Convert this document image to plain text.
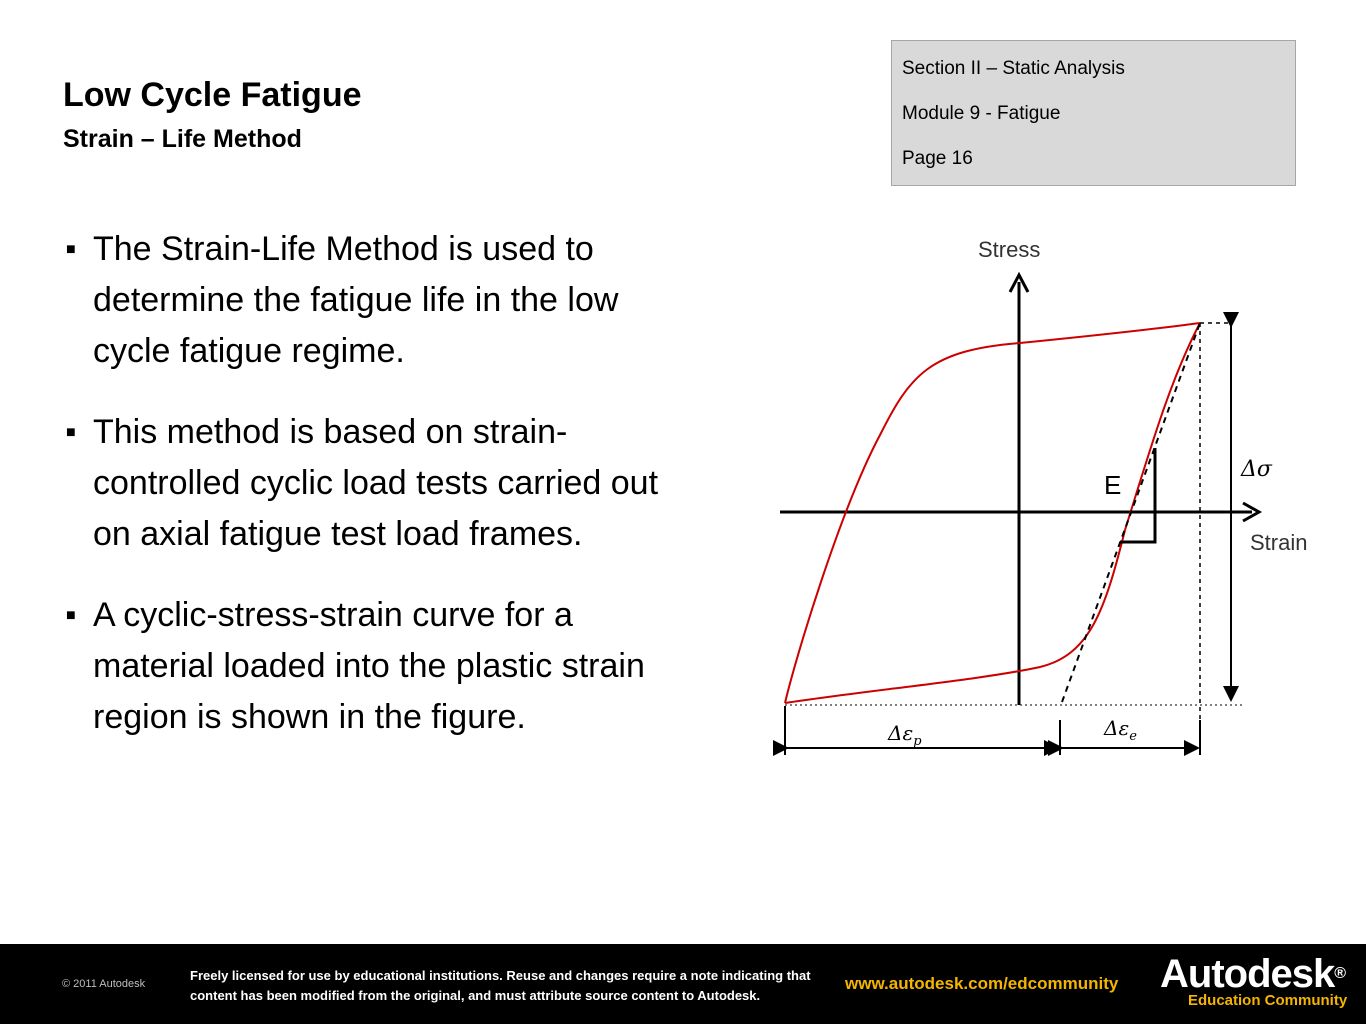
Low Cycle Fatigue
Strain – Life Method
Section II – Static Analysis
Module 9 - Fatigue
Page 16
■ The Strain-Life Method is used to determine the fatigue life in the low cycle fatigue regime.
■ This method is based on strain-controlled cyclic load tests carried out on axial fatigue test load frames.
■ A cyclic-stress-strain curve for a material loaded into the plastic strain region is shown in the figure.
Stress
Strain
E
Δσ
$\Delta\varepsilon_p$
$\Delta\varepsilon_e$
© 2011 Autodesk
Freely licensed for use by educational institutions. Reuse and changes require a note indicating that content has been modified from the original, and must attribute source content to Autodesk.
www.autodesk.com/edcommunity Autodesk®
Education Community
